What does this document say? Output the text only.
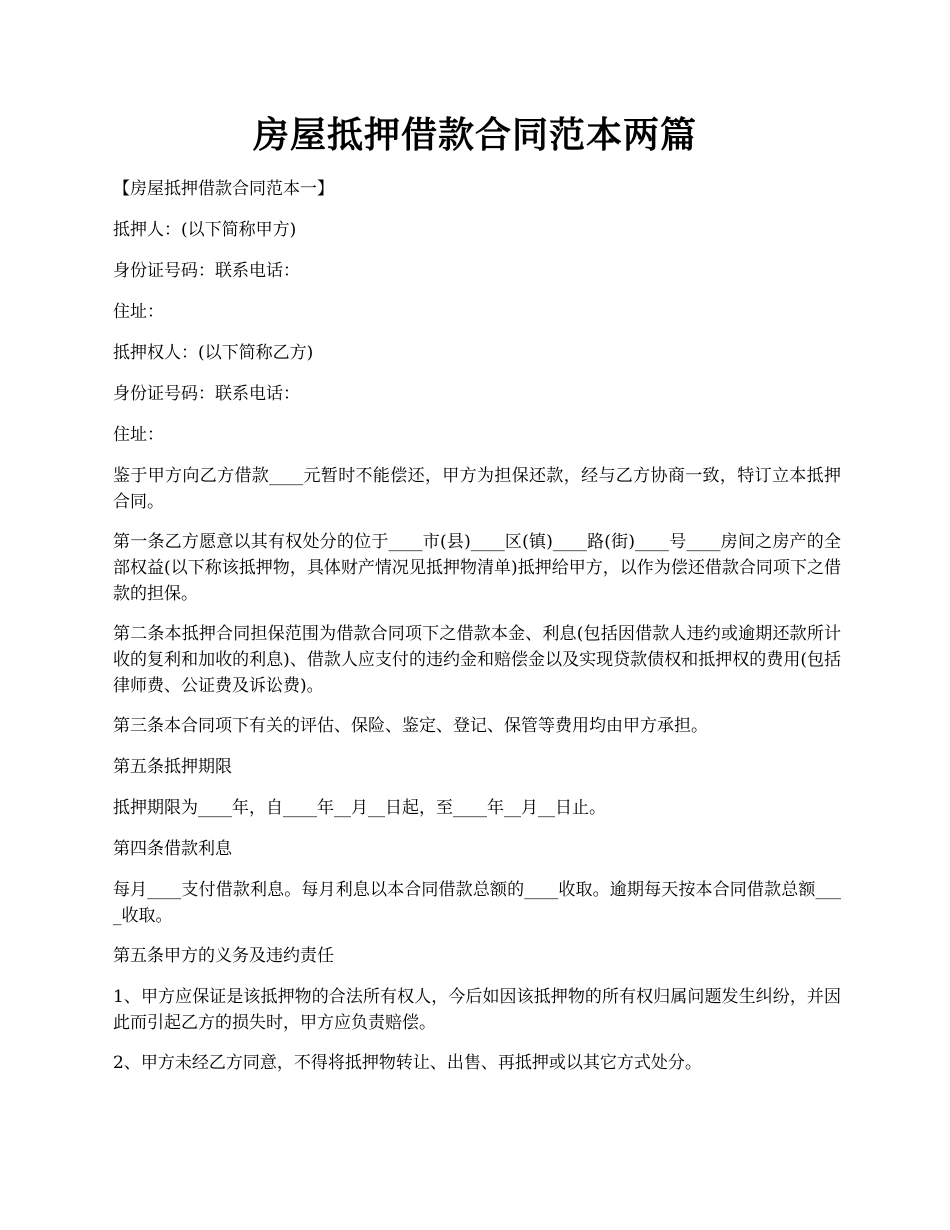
房屋抵押借款合同范本两篇

【房屋抵押借款合同范本一】

抵押人：(以下简称甲方)

身份证号码：联系电话：

住址：

抵押权人：(以下简称乙方)

身份证号码：联系电话：

住址：

鉴于甲方向乙方借款____元暂时不能偿还，甲方为担保还款，经与乙方协商一致，特订立本抵押合同。

第一条乙方愿意以其有权处分的位于____市(县)____区(镇)____路(街)____号____房间之房产的全部权益(以下称该抵押物，具体财产情况见抵押物清单)抵押给甲方，以作为偿还借款合同项下之借款的担保。

第二条本抵押合同担保范围为借款合同项下之借款本金、利息(包括因借款人违约或逾期还款所计收的复利和加收的利息)、借款人应支付的违约金和赔偿金以及实现贷款债权和抵押权的费用(包括律师费、公证费及诉讼费)。

第三条本合同项下有关的评估、保险、鉴定、登记、保管等费用均由甲方承担。

第五条抵押期限

抵押期限为____年，自____年__月__日起，至____年__月__日止。

第四条借款利息

每月____支付借款利息。每月利息以本合同借款总额的____收取。逾期每天按本合同借款总额____收取。

第五条甲方的义务及违约责任

1、甲方应保证是该抵押物的合法所有权人，今后如因该抵押物的所有权归属问题发生纠纷，并因此而引起乙方的损失时，甲方应负责赔偿。

2、甲方未经乙方同意，不得将抵押物转让、出售、再抵押或以其它方式处分。
